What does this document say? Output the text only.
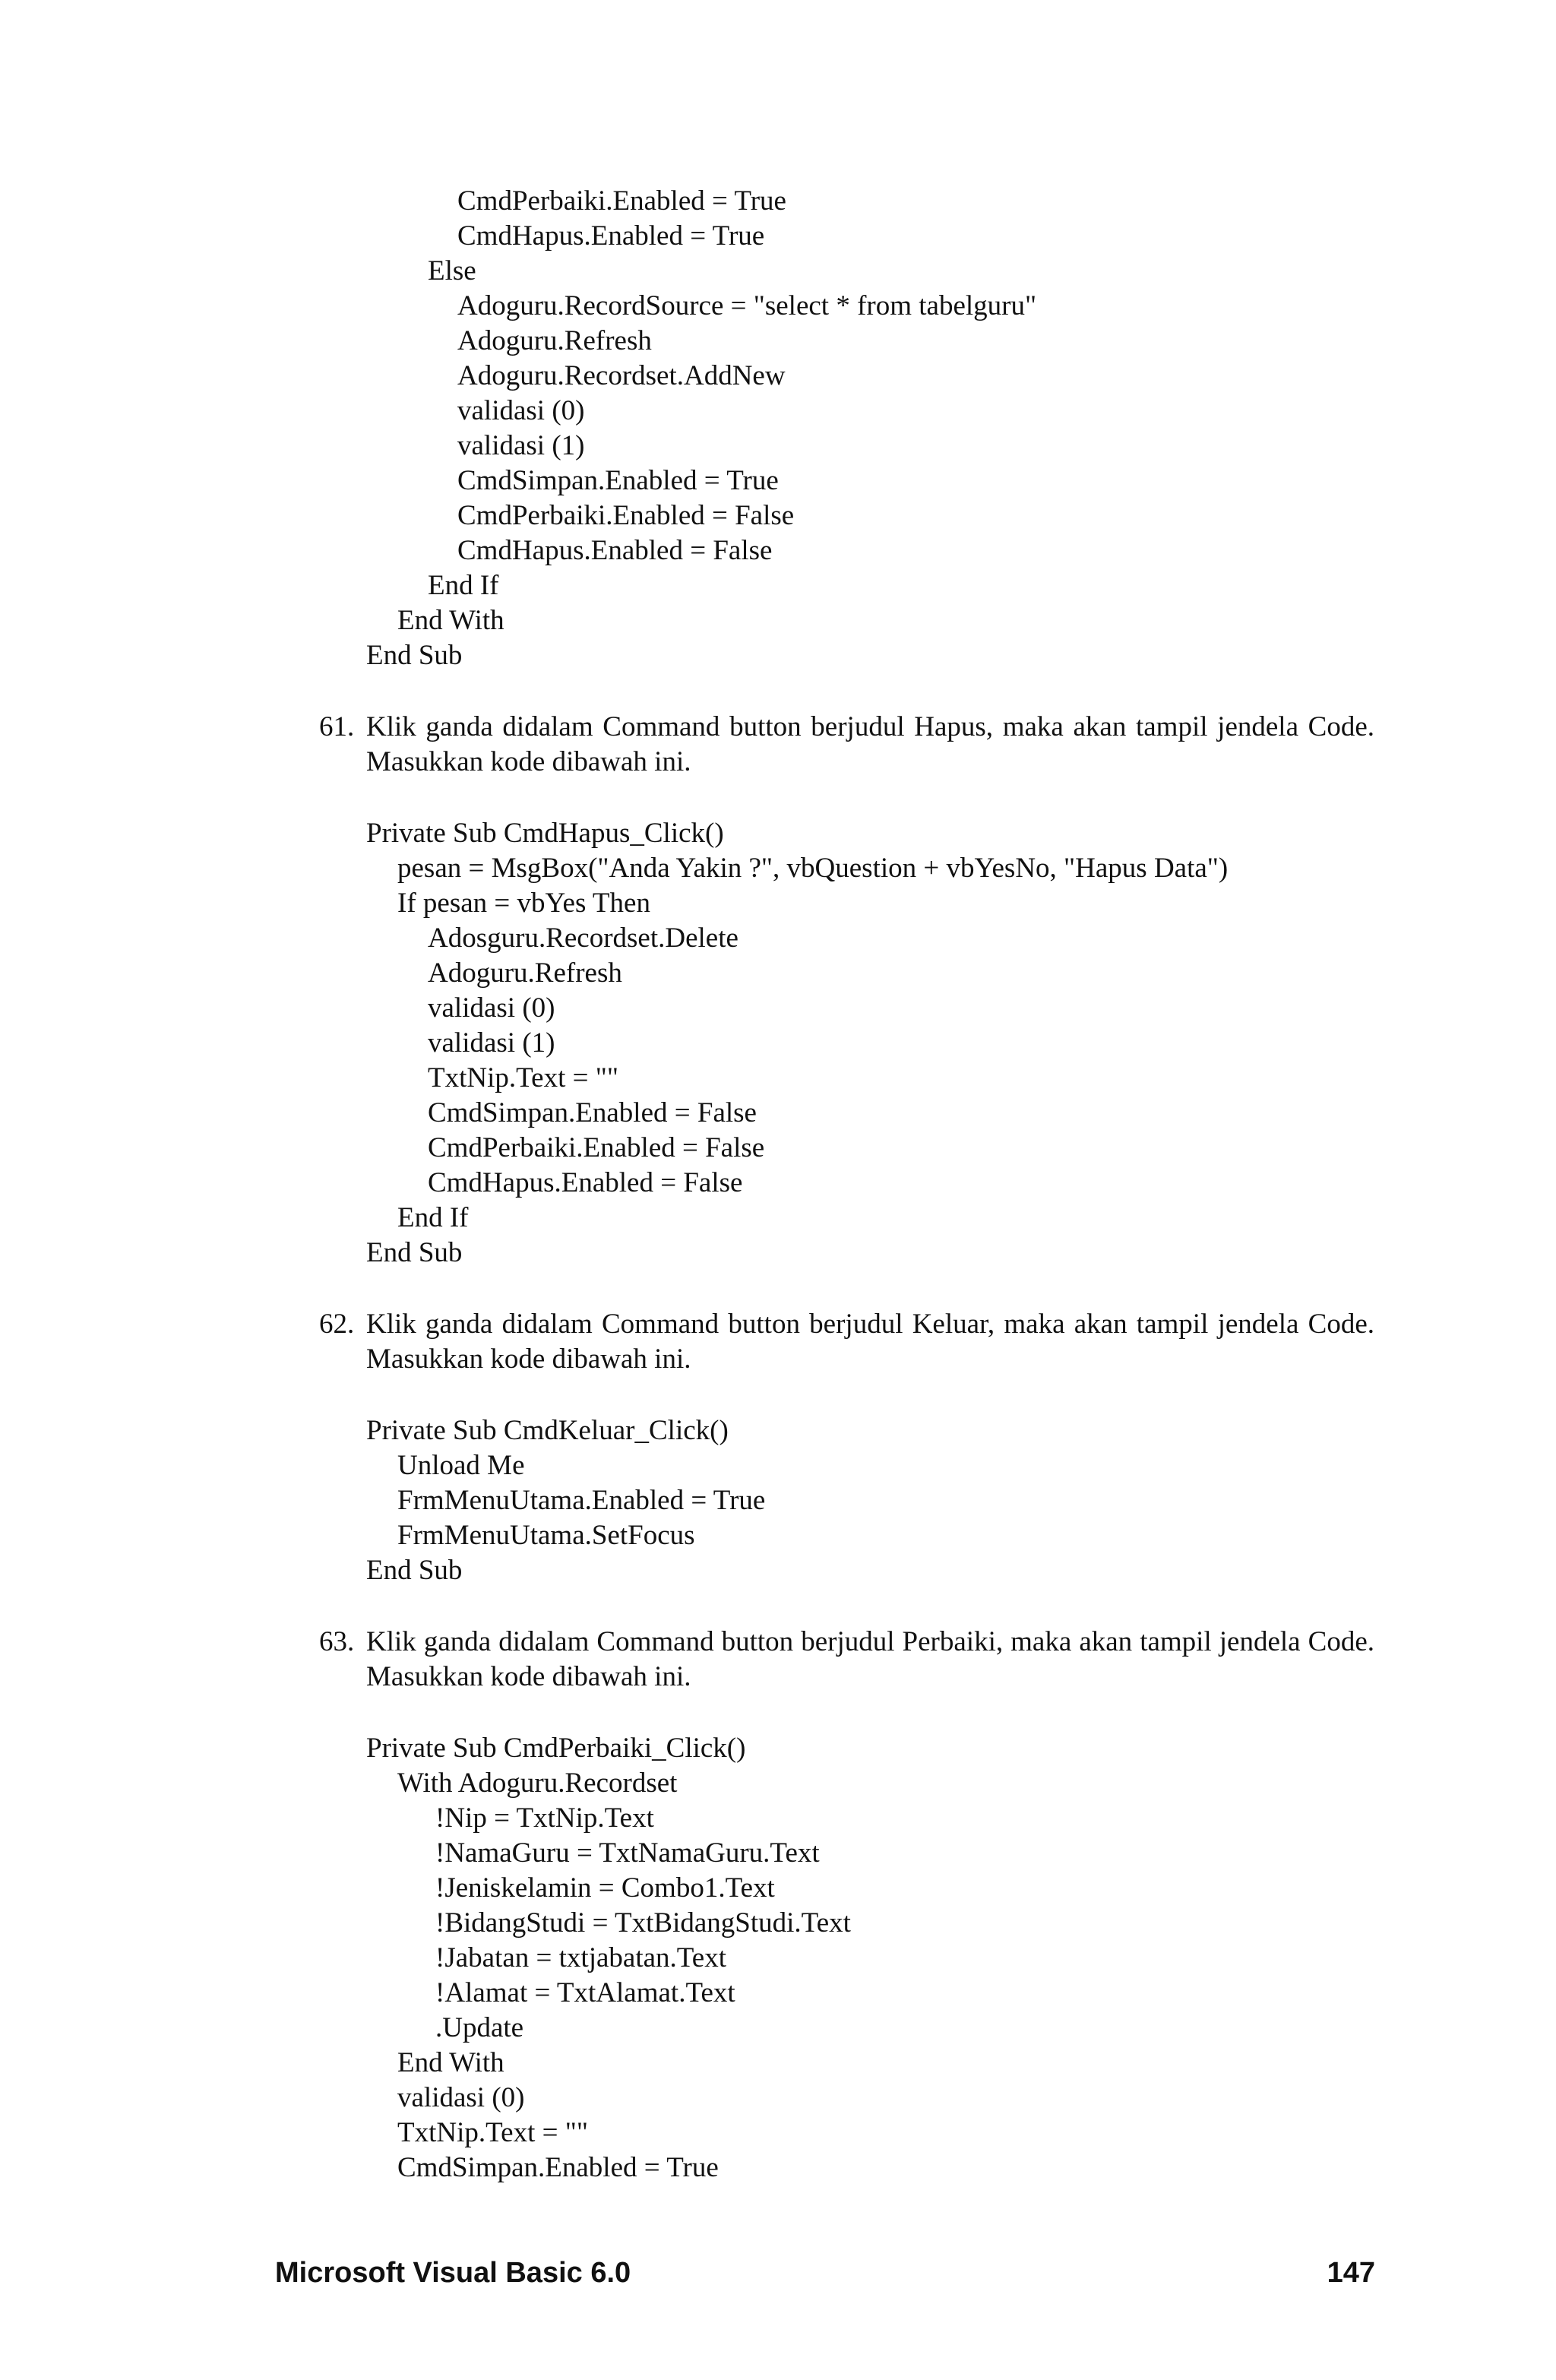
CmdPerbaiki.Enabled = True
CmdHapus.Enabled = True
Else
Adoguru.RecordSource = "select * from tabelguru"
Adoguru.Refresh
Adoguru.Recordset.AddNew
validasi (0)
validasi (1)
CmdSimpan.Enabled = True
CmdPerbaiki.Enabled = False
CmdHapus.Enabled = False
End If
End With
End Sub
61. Klik ganda didalam Command button berjudul Hapus, maka akan tampil jendela Code. Masukkan kode dibawah ini.
Private Sub CmdHapus_Click()
pesan = MsgBox("Anda Yakin ?", vbQuestion + vbYesNo, "Hapus Data")
If pesan = vbYes Then
Adosguru.Recordset.Delete
Adoguru.Refresh
validasi (0)
validasi (1)
TxtNip.Text = ""
CmdSimpan.Enabled = False
CmdPerbaiki.Enabled = False
CmdHapus.Enabled = False
End If
End Sub
62. Klik ganda didalam Command button berjudul Keluar, maka akan tampil jendela Code. Masukkan kode dibawah ini.
Private Sub CmdKeluar_Click()
Unload Me
FrmMenuUtama.Enabled = True
FrmMenuUtama.SetFocus
End Sub
63. Klik ganda didalam Command button berjudul Perbaiki, maka akan tampil jendela Code. Masukkan kode dibawah ini.
Private Sub CmdPerbaiki_Click()
With Adoguru.Recordset
!Nip = TxtNip.Text
!NamaGuru = TxtNamaGuru.Text
!Jeniskelamin = Combo1.Text
!BidangStudi = TxtBidangStudi.Text
!Jabatan = txtjabatan.Text
!Alamat = TxtAlamat.Text
.Update
End With
validasi (0)
TxtNip.Text = ""
CmdSimpan.Enabled = True
Microsoft Visual Basic 6.0	147
